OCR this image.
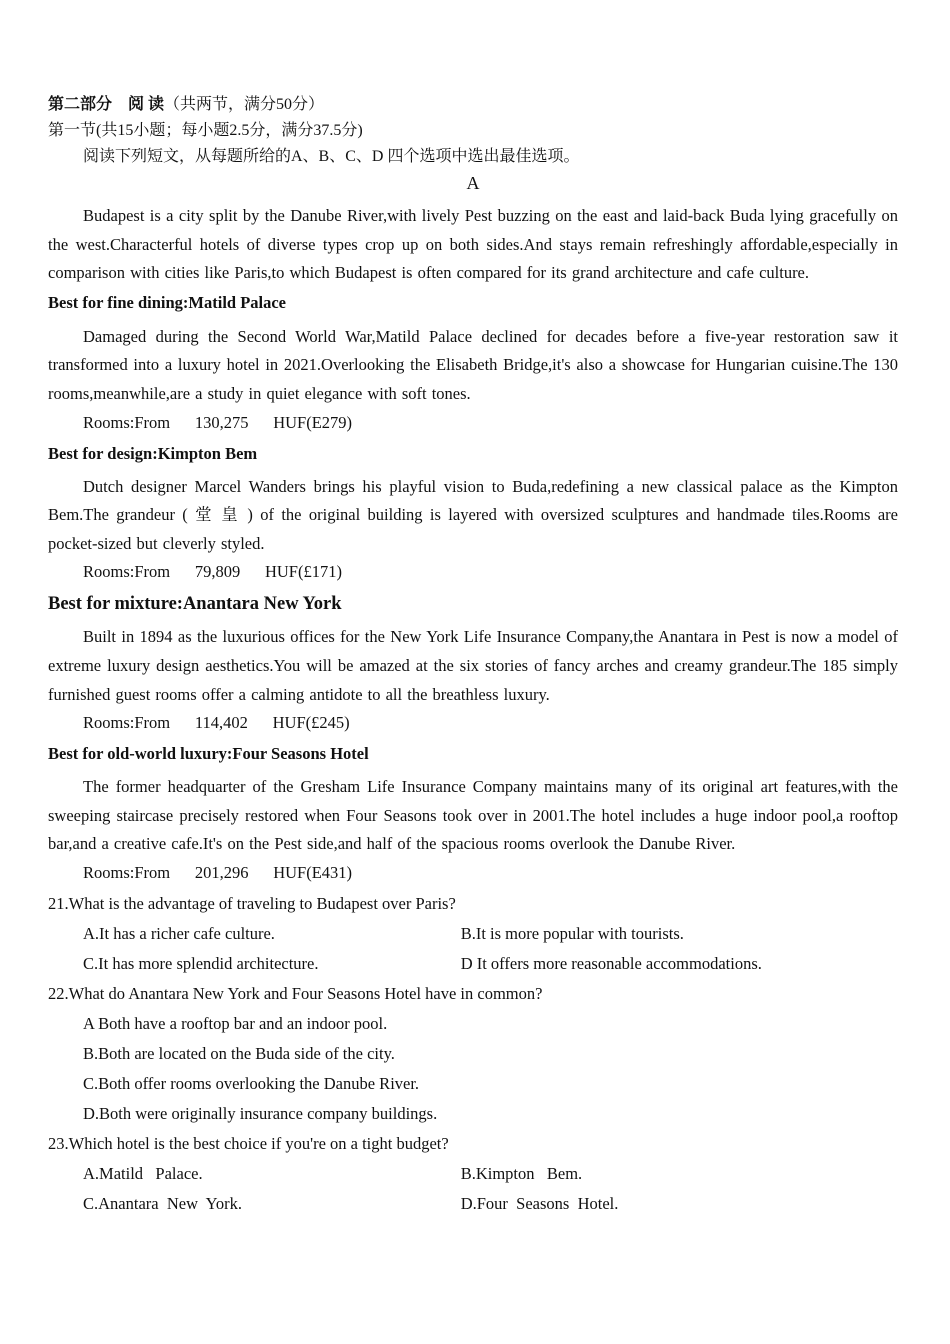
第二部分　阅 读（共两节，满分50分）
第一节(共15小题；每小题2.5分，满分37.5分)
阅读下列短文，从每题所给的A、B、C、D 四个选项中选出最佳选项。
A

Budapest is a city split by the Danube River,with lively Pest buzzing on the east and laid-back Buda lying gracefully on the west.Characterful hotels of diverse types crop up on both sides.And stays remain refreshingly affordable,especially in comparison with cities like Paris,to which Budapest is often compared for its grand architecture and cafe culture.

Best for fine dining:Matild Palace

Damaged during the Second World War,Matild Palace declined for decades before a five-year restoration saw it transformed into a luxury hotel in 2021.Overlooking the Elisabeth Bridge,it's also a showcase for Hungarian cuisine.The 130 rooms,meanwhile,are a study in quiet elegance with soft tones.

Rooms:From      130,275      HUF(E279)

Best for design:Kimpton Bem

Dutch designer Marcel Wanders brings his playful vision to Buda,redefining a new classical palace as the Kimpton Bem.The grandeur ( 堂 皇 ) of the original building is layered with oversized sculptures and handmade tiles.Rooms are pocket-sized but cleverly styled.

Rooms:From      79,809      HUF(£171)

Best for mixture:Anantara New York

Built in 1894 as the luxurious offices for the New York Life Insurance Company,the Anantara in Pest is now a model of extreme luxury design aesthetics.You will be amazed at the six stories of fancy arches and creamy grandeur.The 185 simply furnished guest rooms offer a calming antidote to all the breathless luxury.

Rooms:From      114,402      HUF(£245)

Best for old-world luxury:Four Seasons Hotel

The former headquarter of the Gresham Life Insurance Company maintains many of its original art features,with the sweeping staircase precisely restored when Four Seasons took over in 2001.The hotel includes a huge indoor pool,a rooftop bar,and a creative cafe.It's on the Pest side,and half of the spacious rooms overlook the Danube River.

Rooms:From      201,296      HUF(E431)

21.What is the advantage of traveling to Budapest over Paris?

A.It has a richer cafe culture.	B.It is more popular with tourists.
C.It has more splendid architecture.	D It offers more reasonable accommodations.

22.What do Anantara New York and Four Seasons Hotel have in common?

A Both have a rooftop bar and an indoor pool.
B.Both are located on the Buda side of the city.
C.Both offer rooms overlooking the Danube River.
D.Both were originally insurance company buildings.

23.Which hotel is the best choice if you're on a tight budget?

A.Matild   Palace.	B.Kimpton   Bem.
C.Anantara  New  York.	D.Four  Seasons  Hotel.
